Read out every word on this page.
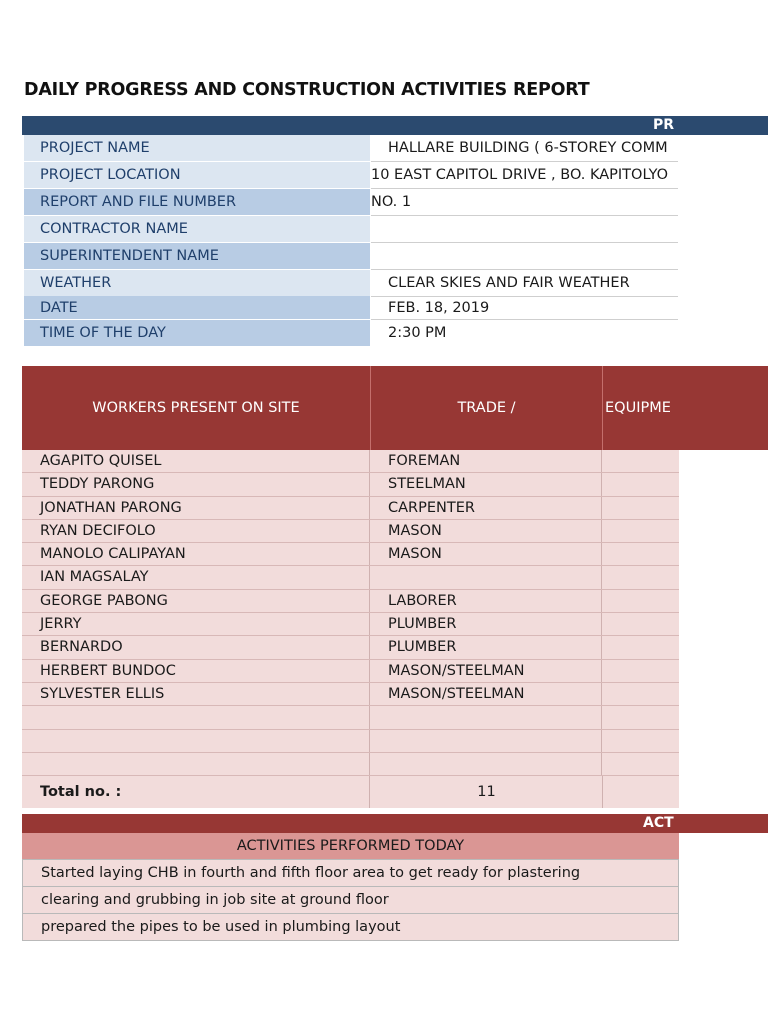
DAILY PROGRESS AND CONSTRUCTION ACTIVITIES REPORT
PR
PROJECT NAME	HALLARE BUILDING ( 6-STOREY COMM
PROJECT LOCATION	10 EAST CAPITOL DRIVE , BO. KAPITOLYO
REPORT AND FILE NUMBER	NO. 1
CONTRACTOR NAME
SUPERINTENDENT NAME
WEATHER	CLEAR SKIES AND FAIR WEATHER
DATE	FEB. 18, 2019
TIME OF THE DAY	2:30 PM
WORKERS PRESENT ON SITE	TRADE /	EQUIPME
AGAPITO QUISEL	FOREMAN
TEDDY PARONG	STEELMAN
JONATHAN PARONG	CARPENTER
RYAN DECIFOLO	MASON
MANOLO CALIPAYAN	MASON
IAN MAGSALAY
GEORGE PABONG	LABORER
JERRY	PLUMBER
BERNARDO	PLUMBER
HERBERT BUNDOC	MASON/STEELMAN
SYLVESTER ELLIS	MASON/STEELMAN
Total no. :	11
ACT
ACTIVITIES PERFORMED TODAY
Started laying CHB in fourth and fifth floor area to get ready for plastering
clearing and grubbing in job site at ground floor
prepared the pipes to be used in plumbing layout
